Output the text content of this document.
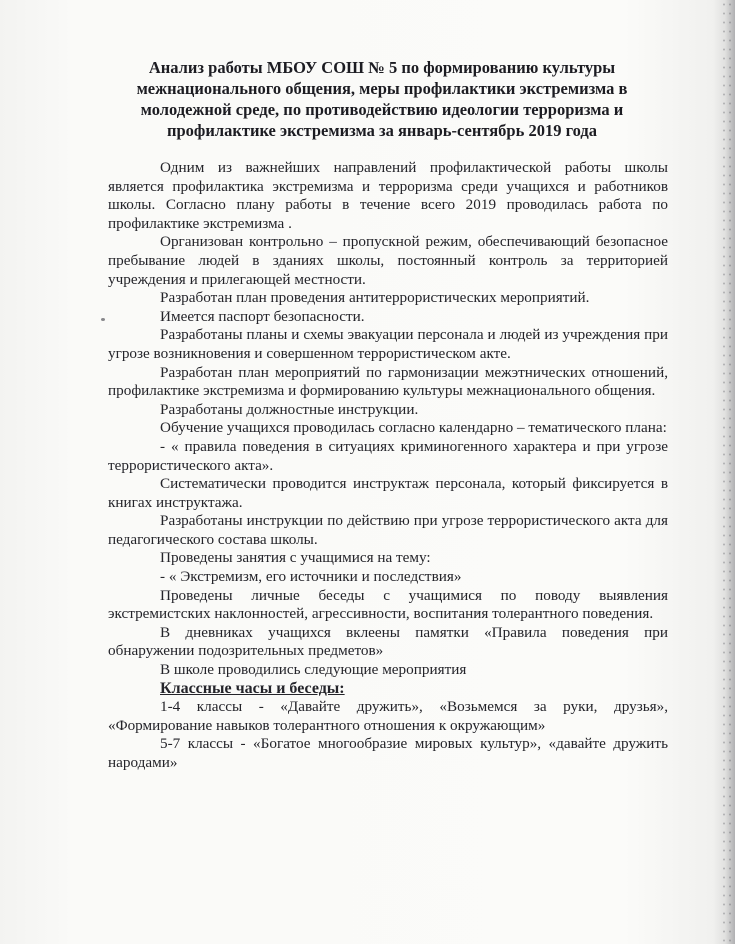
Анализ работы МБОУ СОШ № 5 по формированию культуры межнационального общения, меры профилактики экстремизма в молодежной среде, по противодействию идеологии терроризма и профилактике экстремизма за январь-сентябрь 2019 года

Одним из важнейших направлений профилактической работы школы является профилактика экстремизма и терроризма среди учащихся и работников школы. Согласно плану работы в течение всего 2019 проводилась работа по профилактике экстремизма .

Организован контрольно – пропускной режим, обеспечивающий безопасное пребывание людей в зданиях школы, постоянный контроль за территорией учреждения и прилегающей местности.

Разработан план проведения антитеррористических мероприятий.

Имеется паспорт безопасности.

Разработаны планы и схемы эвакуации персонала и людей из учреждения при угрозе возникновения и совершенном террористическом акте.

Разработан план мероприятий по гармонизации межэтнических отношений, профилактике экстремизма и формированию культуры межнационального общения.

Разработаны должностные инструкции.

Обучение учащихся проводилась согласно календарно – тематического плана:

- « правила поведения в ситуациях криминогенного характера и при угрозе террористического акта».

Систематически проводится инструктаж персонала, который фиксируется в книгах инструктажа.

Разработаны инструкции по действию при угрозе террористического акта для педагогического состава школы.

Проведены занятия с учащимися на тему:

- « Экстремизм, его источники и последствия»

Проведены личные беседы с учащимися по поводу выявления экстремистских наклонностей, агрессивности, воспитания толерантного поведения.

В дневниках учащихся вклеены памятки «Правила поведения при обнаружении подозрительных предметов»

В школе проводились следующие мероприятия

Классные часы и беседы:

1-4 классы - «Давайте дружить», «Возьмемся за руки, друзья», «Формирование навыков толерантного отношения к окружающим»

5-7 классы - «Богатое многообразие мировых культур», «давайте дружить народами»
